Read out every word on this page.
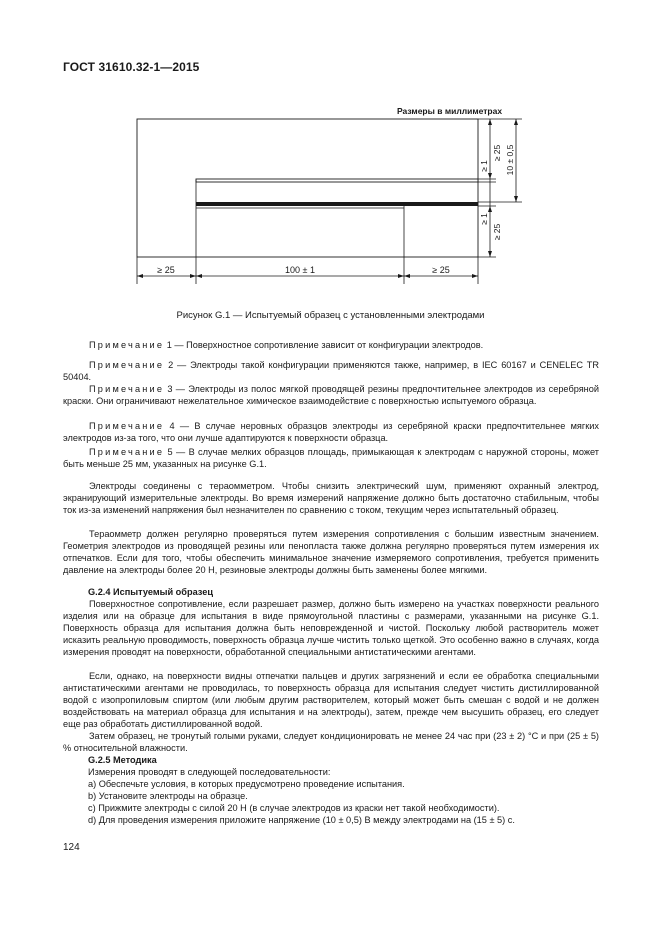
ГОСТ 31610.32-1—2015
Размеры в миллиметрах
≥ 25	100 ± 1	≥ 25
≥ 25 10 ± 0,5
≥ 1
≥ 1
≥ 25
Рисунок G.1 — Испытуемый образец с установленными электродами

Примечание 1 — Поверхностное сопротивление зависит от конфигурации электродов.

Примечание 2 — Электроды такой конфигурации применяются также, например, в IEC 60167 и CENELEC TR 50404.

Примечание 3 — Электроды из полос мягкой проводящей резины предпочтительнее электродов из серебряной краски. Они ограничивают нежелательное химическое взаимодействие с поверхностью испытуемого образца.

Примечание 4 — В случае неровных образцов электроды из серебряной краски предпочтительнее мягких электродов из-за того, что они лучше адаптируются к поверхности образца.

Примечание 5 — В случае мелких образцов площадь, примыкающая к электродам с наружной стороны, может быть меньше 25 мм, указанных на рисунке G.1.

Электроды соединены с тераомметром. Чтобы снизить электрический шум, применяют охранный электрод, экранирующий измерительные электроды. Во время измерений напряжение должно быть достаточно стабильным, чтобы ток из-за изменений напряжения был незначителен по сравнению с током, текущим через испытательный образец.

Тераомметр должен регулярно проверяться путем измерения сопротивления с большим известным значением. Геометрия электродов из проводящей резины или пенопласта также должна регулярно проверяться путем измерения их отпечатков. Если для того, чтобы обеспечить минимальное значение измеряемого сопротивления, требуется применить давление на электроды более 20 Н, резиновые электроды должны быть заменены более мягкими.

G.2.4 Испытуемый образец

Поверхностное сопротивление, если разрешает размер, должно быть измерено на участках поверхности реального изделия или на образце для испытания в виде прямоугольной пластины с размерами, указанными на рисунке G.1. Поверхность образца для испытания должна быть неповрежденной и чистой. Поскольку любой растворитель может исказить реальную проводимость, поверхность образца лучше чистить только щеткой. Это особенно важно в случаях, когда измерения проводят на поверхности, обработанной специальными антистатическими агентами.

Если, однако, на поверхности видны отпечатки пальцев и других загрязнений и если ее обработка специальными антистатическими агентами не проводилась, то поверхность образца для испытания следует чистить дистиллированной водой с изопропиловым спиртом (или любым другим растворителем, который может быть смешан с водой и не должен воздействовать на материал образца для испытания и на электроды), затем, прежде чем высушить образец, его следует еще раз обработать дистиллированной водой.

Затем образец, не тронутый голыми руками, следует кондиционировать не менее 24 час при (23 ± 2) °С и при (25 ± 5) % относительной влажности.

G.2.5 Методика

Измерения проводят в следующей последовательности:

a) Обеспечьте условия, в которых предусмотрено проведение испытания.

b) Установите электроды на образце.

c) Прижмите электроды с силой 20 Н (в случае электродов из краски нет такой необходимости).

d) Для проведения измерения приложите напряжение (10 ± 0,5) В между электродами на (15 ± 5) с.

124
